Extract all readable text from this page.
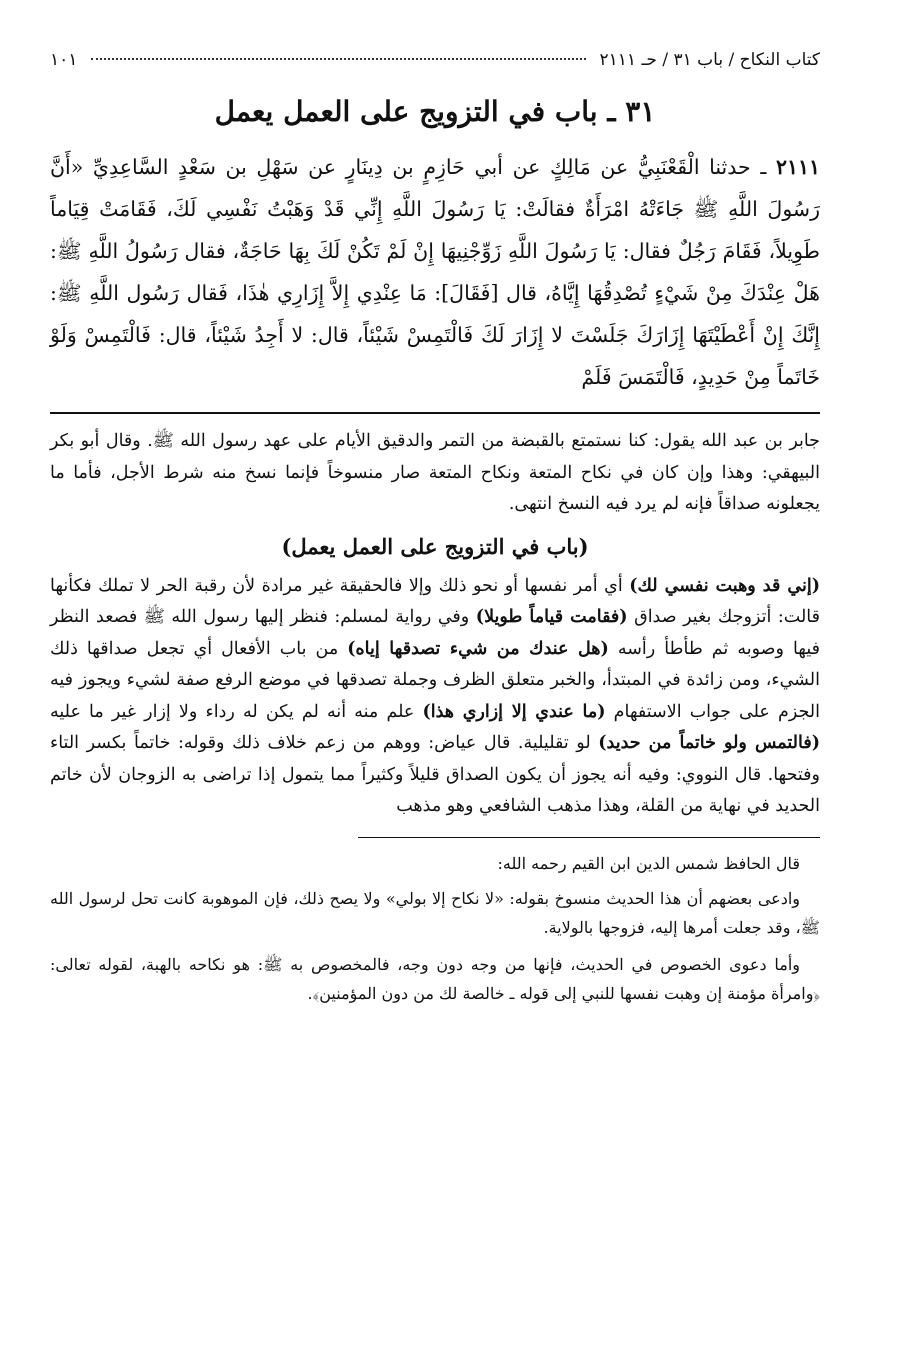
كتاب النكاح / باب ٣١ / حـ ٢١١١
١٠١
٣١ ـ باب في التزويج على العمل يعمل

٢١١١ ـ حدثنا الْقَعْنَبِيُّ عن مَالِكٍ عن أبي حَازِمٍ بن دِينَارٍ عن سَهْلِ بن سَعْدٍ السَّاعِدِيِّ «أَنَّ رَسُولَ اللَّهِ ﷺ جَاءَتْهُ امْرَأَةٌ فقالَتْ: يَا رَسُولَ اللَّهِ إِنِّي قَدْ وَهَبْتُ نَفْسِي لَكَ، فَقَامَتْ قِيَاماً طَوِيلاً، فَقَامَ رَجُلٌ فقال: يَا رَسُولَ اللَّهِ زَوِّجْنِيهَا إِنْ لَمْ تَكُنْ لَكَ بِهَا حَاجَةٌ، فقال رَسُولُ اللَّهِ ﷺ: هَلْ عِنْدَكَ مِنْ شَيْءٍ تُصْدِقُهَا إِيَّاهُ، قال [فَقَالَ]: مَا عِنْدِي إِلاَّ إِزَارِي هٰذَا، فَقال رَسُول اللَّهِ ﷺ: إِنَّكَ إِنْ أَعْطَيْتَهَا إِزَارَكَ جَلَسْتَ لا إِزَارَ لَكَ فَالْتَمِسْ شَيْئاً، قال: لا أَجِدُ شَيْئاً، قال: فَالْتَمِسْ وَلَوْ خَاتَماً مِنْ حَدِيدٍ، فَالْتَمَسَ فَلَمْ

جابر بن عبد الله يقول: كنا نستمتع بالقبضة من التمر والدقيق الأيام على عهد رسول الله ﷺ. وقال أبو بكر البيهقي: وهذا وإن كان في نكاح المتعة ونكاح المتعة صار منسوخاً فإنما نسخ منه شرط الأجل، فأما ما يجعلونه صداقاً فإنه لم يرد فيه النسخ انتهى.

(باب في التزويج على العمل يعمل)

(إني قد وهبت نفسي لك) أي أمر نفسها أو نحو ذلك وإلا فالحقيقة غير مرادة لأن رقبة الحر لا تملك فكأنها قالت: أتزوجك بغير صداق (فقامت قياماً طويلا) وفي رواية لمسلم: فنظر إليها رسول الله ﷺ فصعد النظر فيها وصوبه ثم طأطأ رأسه (هل عندك من شيء تصدقها إياه) من باب الأفعال أي تجعل صداقها ذلك الشيء، ومن زائدة في المبتدأ، والخبر متعلق الظرف وجملة تصدقها في موضع الرفع صفة لشيء ويجوز فيه الجزم على جواب الاستفهام (ما عندي إلا إزاري هذا) علم منه أنه لم يكن له رداء ولا إزار غير ما عليه (فالتمس ولو خاتماً من حديد) لو تقليلية. قال عياض: ووهم من زعم خلاف ذلك وقوله: خاتماً بكسر التاء وفتحها. قال النووي: وفيه أنه يجوز أن يكون الصداق قليلاً وكثيراً مما يتمول إذا تراضى به الزوجان لأن خاتم الحديد في نهاية من القلة، وهذا مذهب الشافعي وهو مذهب

قال الحافظ شمس الدين ابن القيم رحمه الله:

وادعى بعضهم أن هذا الحديث منسوخ بقوله: «لا نكاح إلا بولي» ولا يصح ذلك، فإن الموهوبة كانت تحل لرسول الله ﷺ، وقد جعلت أمرها إليه، فزوجها بالولاية.

وأما دعوى الخصوص في الحديث، فإنها من وجه دون وجه، فالمخصوص به ﷺ: هو نكاحه بالهبة، لقوله تعالى: ﴿وامرأة مؤمنة إن وهبت نفسها للنبي إلى قوله ـ خالصة لك من دون المؤمنين﴾.
